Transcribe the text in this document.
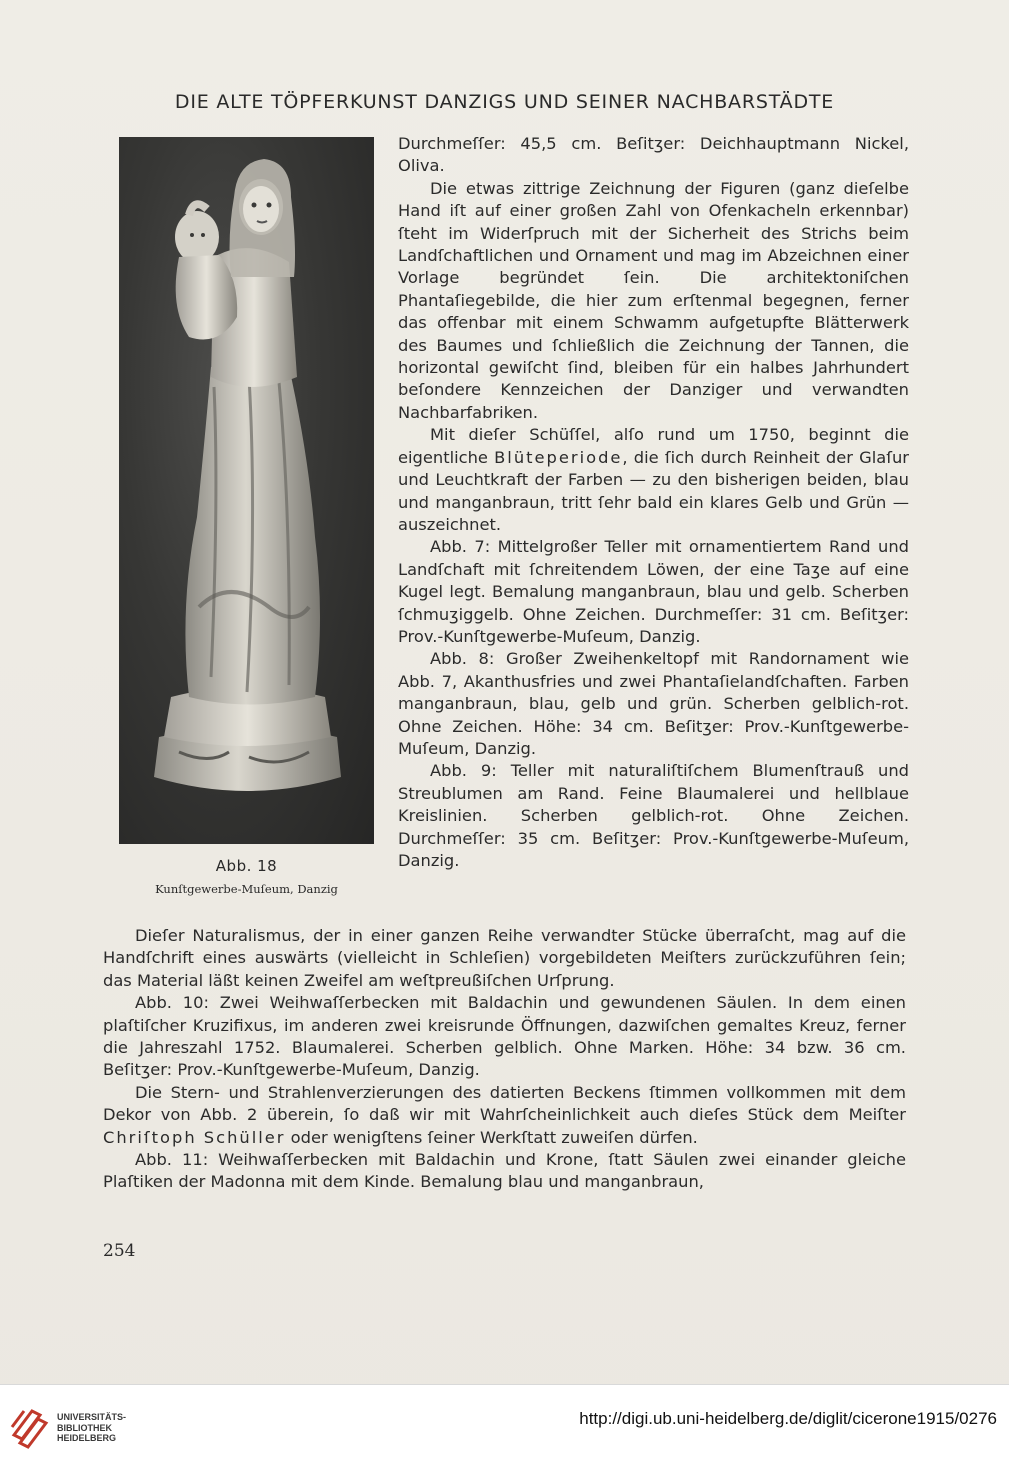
DIE ALTE TÖPFERKUNST DANZIGS UND SEINER NACHBARSTÄDTE
Abb. 18
Kunſtgewerbe-Muſeum, Danzig

Durchmeſſer: 45,5 cm. Beſitʒer: Deichhauptmann Nickel, Oliva.

Die etwas zittrige Zeichnung der Figuren (ganz dieſelbe Hand iſt auf einer großen Zahl von Ofenkacheln erkennbar) ſteht im Widerſpruch mit der Sicherheit des Strichs beim Landſchaftlichen und Ornament und mag im Abzeichnen einer Vorlage begründet ſein. Die architektoniſchen Phantaſiegebilde, die hier zum erſtenmal begegnen, ferner das offenbar mit einem Schwamm aufgetupfte Blätterwerk des Baumes und ſchließlich die Zeichnung der Tannen, die horizontal gewiſcht ſind, bleiben für ein halbes Jahrhundert beſondere Kennzeichen der Danziger und verwandten Nachbarfabriken.

Mit dieſer Schüſſel, alſo rund um 1750, beginnt die eigentliche Blüteperiode, die ſich durch Reinheit der Glaſur und Leuchtkraft der Farben — zu den bisherigen beiden, blau und manganbraun, tritt ſehr bald ein klares Gelb und Grün — auszeichnet.

Abb. 7: Mittelgroßer Teller mit ornamentiertem Rand und Landſchaft mit ſchreitendem Löwen, der eine Taʒe auf eine Kugel legt. Bemalung manganbraun, blau und gelb. Scherben ſchmuʒiggelb. Ohne Zeichen. Durchmeſſer: 31 cm. Beſitʒer: Prov.-Kunſtgewerbe-Muſeum, Danzig.

Abb. 8: Großer Zweihenkeltopf mit Randornament wie Abb. 7, Akanthusfries und zwei Phantaſielandſchaften. Farben manganbraun, blau, gelb und grün. Scherben gelblich-rot. Ohne Zeichen. Höhe: 34 cm. Beſitʒer: Prov.-Kunſtgewerbe-Muſeum, Danzig.

Abb. 9: Teller mit naturaliſtiſchem Blumenſtrauß und Streublumen am Rand. Feine Blaumalerei und hellblaue Kreislinien. Scherben gelblich-rot. Ohne Zeichen. Durchmeſſer: 35 cm. Beſitʒer: Prov.-Kunſtgewerbe-Muſeum, Danzig.

Dieſer Naturalismus, der in einer ganzen Reihe verwandter Stücke überraſcht, mag auf die Handſchrift eines auswärts (vielleicht in Schleſien) vorgebildeten Meiſters zurückzuführen ſein; das Material läßt keinen Zweifel am weſtpreußiſchen Urſprung.

Abb. 10: Zwei Weihwaſſerbecken mit Baldachin und gewundenen Säulen. In dem einen plaſtiſcher Kruzifixus, im anderen zwei kreisrunde Öffnungen, dazwiſchen gemaltes Kreuz, ferner die Jahreszahl 1752. Blaumalerei. Scherben gelblich. Ohne Marken. Höhe: 34 bzw. 36 cm. Beſitʒer: Prov.-Kunſtgewerbe-Muſeum, Danzig.

Die Stern- und Strahlenverzierungen des datierten Beckens ſtimmen vollkommen mit dem Dekor von Abb. 2 überein, ſo daß wir mit Wahrſcheinlichkeit auch dieſes Stück dem Meiſter Chriſtoph Schüller oder wenigſtens ſeiner Werkſtatt zuweiſen dürfen.

Abb. 11: Weihwaſſerbecken mit Baldachin und Krone, ſtatt Säulen zwei einander gleiche Plaſtiken der Madonna mit dem Kinde. Bemalung blau und manganbraun,

254
UNIVERSITÄTS-
BIBLIOTHEK
HEIDELBERG
http://digi.ub.uni-heidelberg.de/diglit/cicerone1915/0276
